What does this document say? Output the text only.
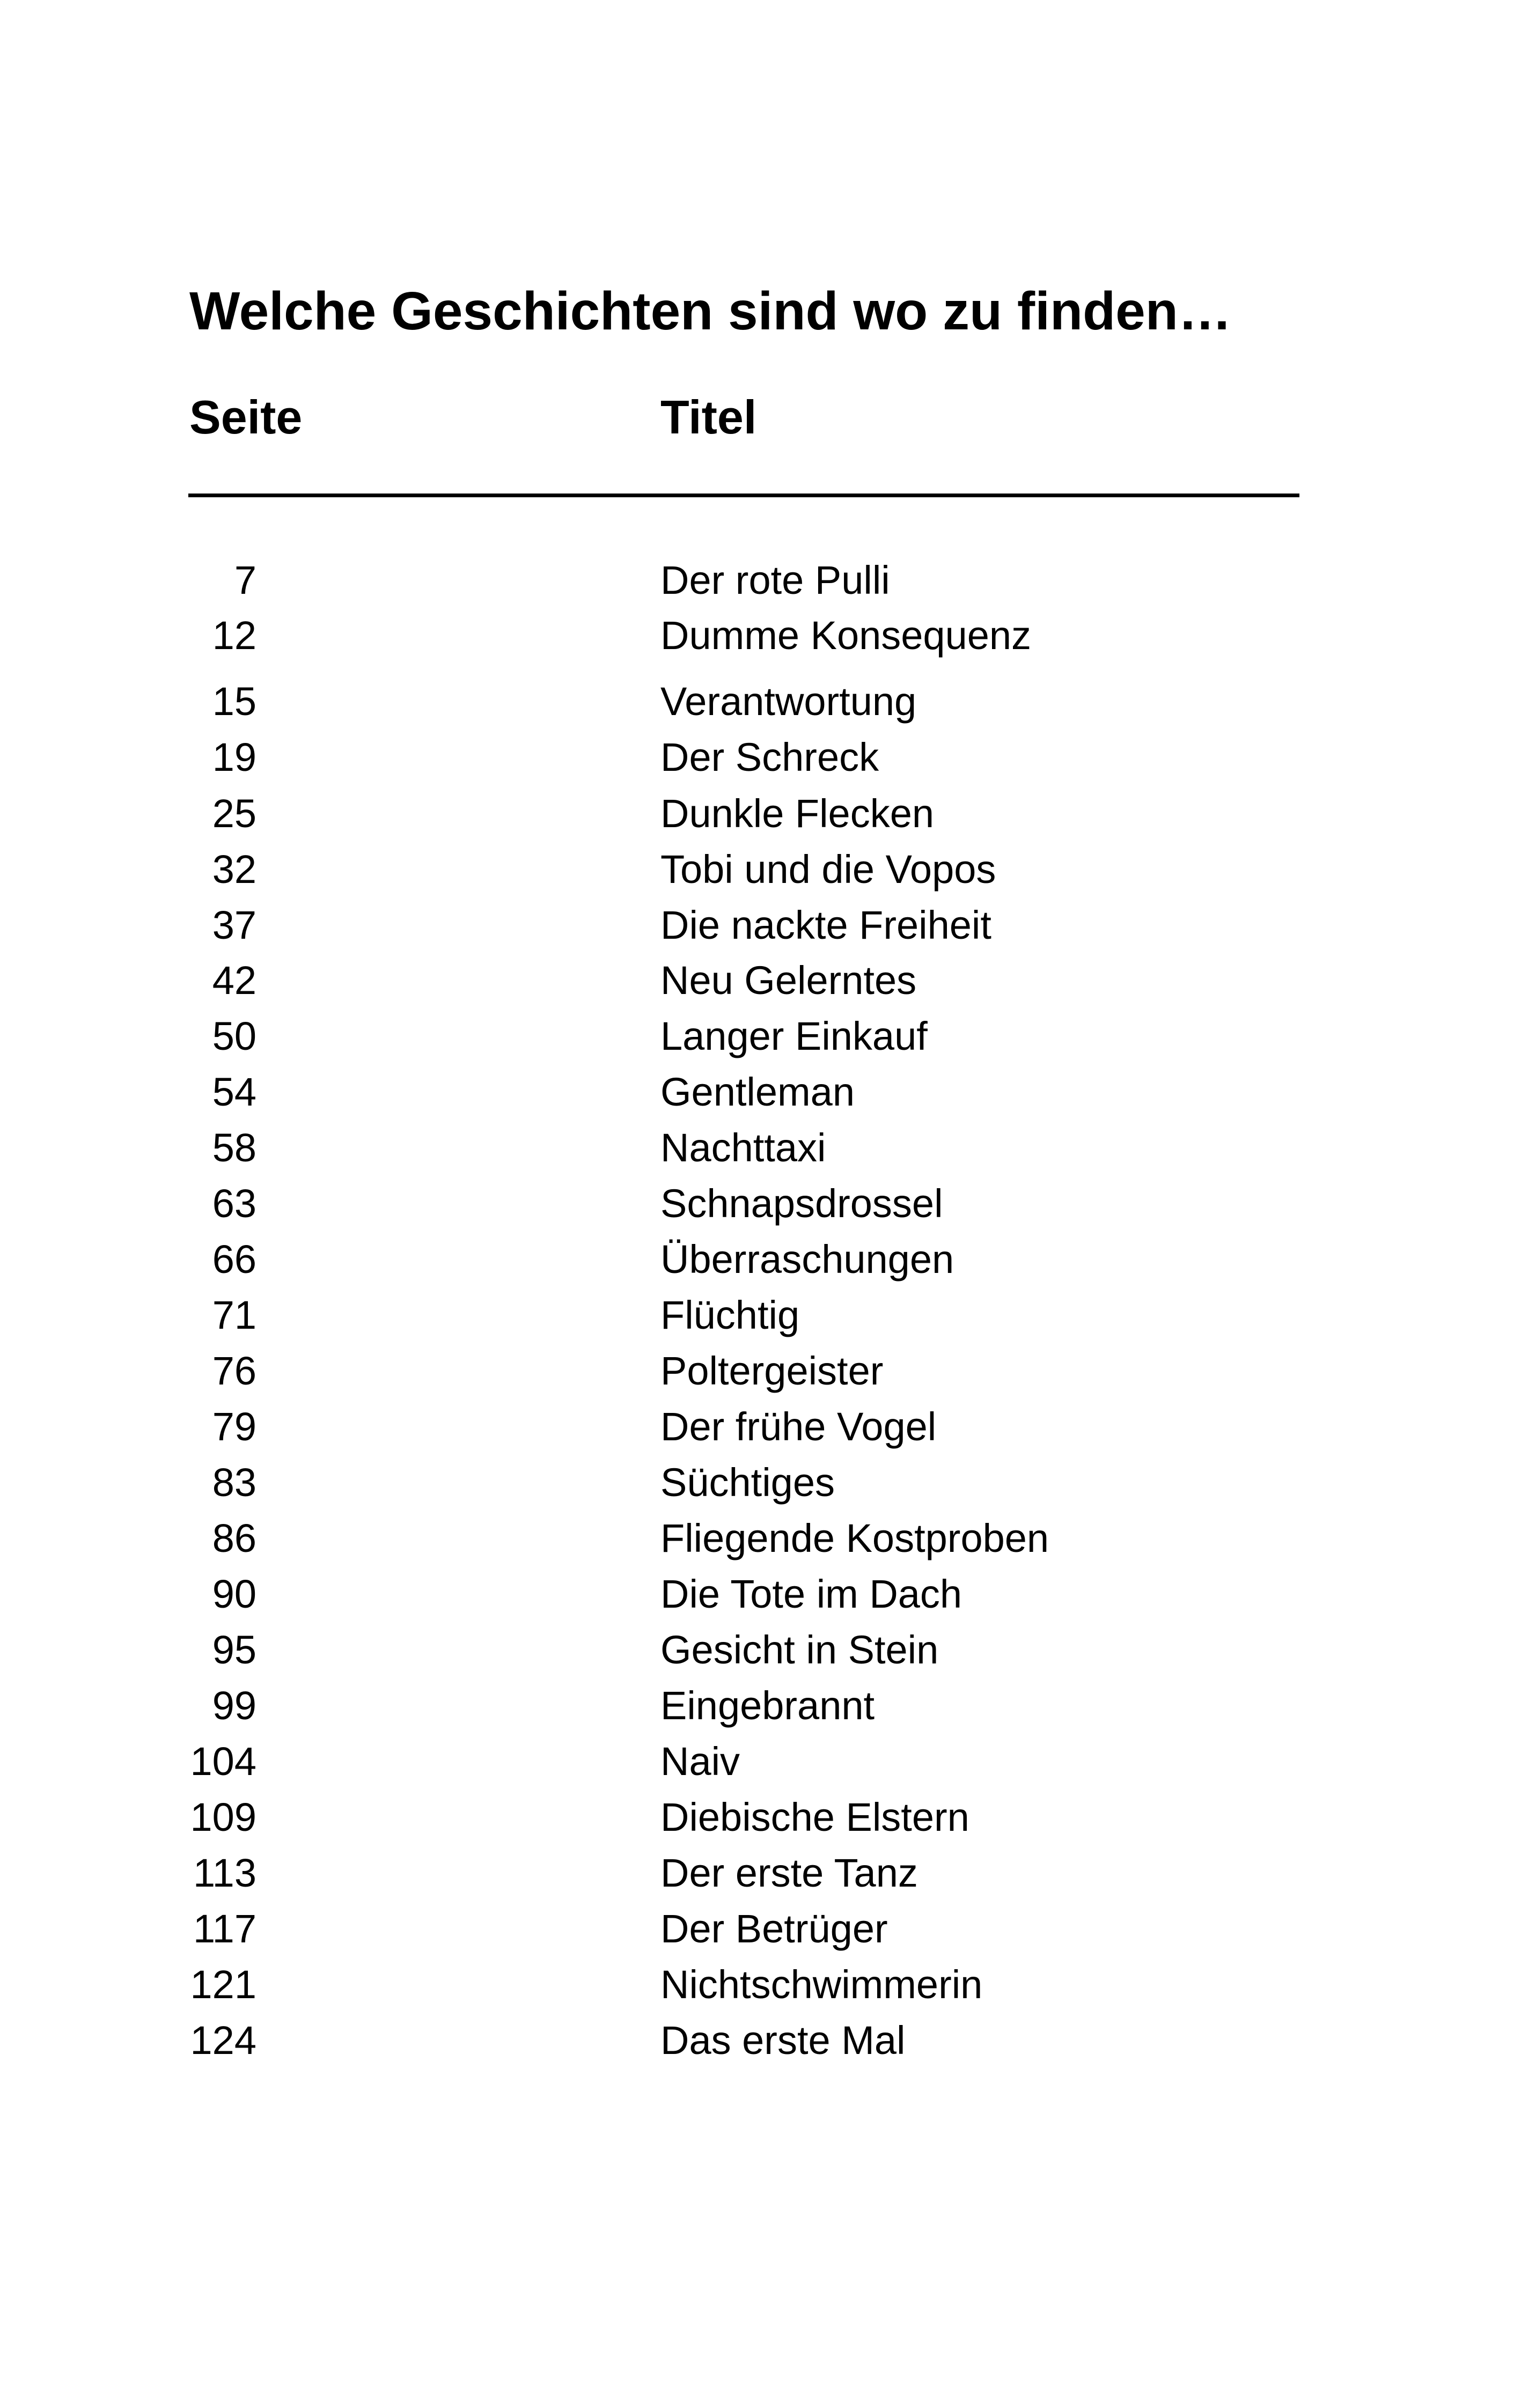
Welche Geschichten sind wo zu finden…
Seite	Titel
7	Der rote Pulli
12	Dumme Konsequenz
15	Verantwortung
19	Der Schreck
25	Dunkle Flecken
32	Tobi und die Vopos
37	Die nackte Freiheit
42	Neu Gelerntes
50	Langer Einkauf
54	Gentleman
58	Nachttaxi
63	Schnapsdrossel
66	Überraschungen
71	Flüchtig
76	Poltergeister
79	Der frühe Vogel
83	Süchtiges
86	Fliegende Kostproben
90	Die Tote im Dach
95	Gesicht in Stein
99	Eingebrannt
104	Naiv
109	Diebische Elstern
113	Der erste Tanz
117	Der Betrüger
121	Nichtschwimmerin
124	Das erste Mal
